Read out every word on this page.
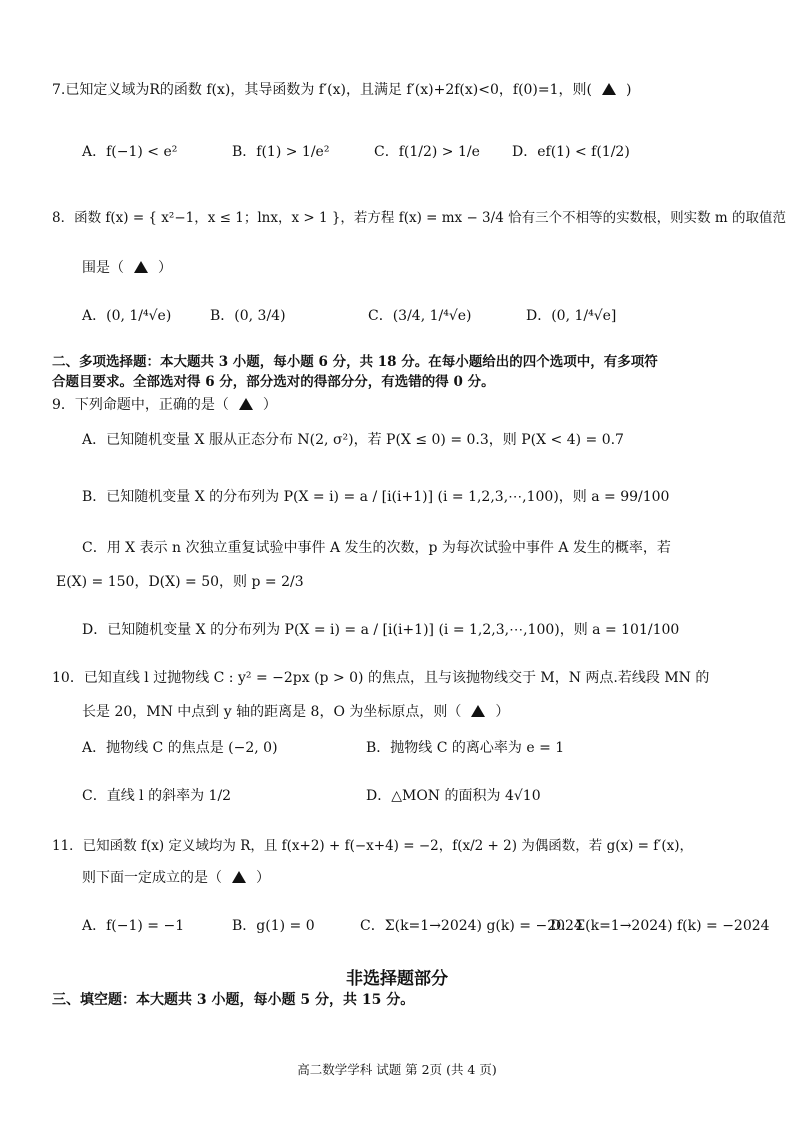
7.已知定义域为R的函数 f(x)，其导函数为 f′(x)，且满足 f′(x)+2f(x)<0，f(0)=1，则( )
A．f(−1) < e²	B．f(1) > 1/e²	C．f(1/2) > 1/e D．ef(1) < f(1/2)
8．函数 f(x) = { x²−1，x ≤ 1；lnx，x > 1 }，若方程 f(x) = mx − 3/4 恰有三个不相等的实数根，则实数 m 的取值范
围是（ ）
A．(0, 1/⁴√e)	B．(0, 3/4)	C．(3/4, 1/⁴√e)	D．(0, 1/⁴√e]
二、多项选择题：本大题共 3 小题，每小题 6 分，共 18 分。在每小题给出的四个选项中，有多项符
合题目要求。全部选对得 6 分，部分选对的得部分分，有选错的得 0 分。
9．下列命题中，正确的是（ ）
A．已知随机变量 X 服从正态分布 N(2, σ²)，若 P(X ≤ 0) = 0.3，则 P(X < 4) = 0.7
B．已知随机变量 X 的分布列为 P(X = i) = a / [i(i+1)] (i = 1,2,3,⋯,100)，则 a = 99/100
C．用 X 表示 n 次独立重复试验中事件 A 发生的次数，p 为每次试验中事件 A 发生的概率，若
E(X) = 150，D(X) = 50，则 p = 2/3
D．已知随机变量 X 的分布列为 P(X = i) = a / [i(i+1)] (i = 1,2,3,⋯,100)，则 a = 101/100
10．已知直线 l 过抛物线 C : y² = −2px (p > 0) 的焦点，且与该抛物线交于 M，N 两点.若线段 MN 的
长是 20，MN 中点到 y 轴的距离是 8，O 为坐标原点，则（ ）
A．抛物线 C 的焦点是 (−2, 0)	B．抛物线 C 的离心率为 e = 1
C．直线 l 的斜率为 1/2	D．△MON 的面积为 4√10
11．已知函数 f(x) 定义域均为 R，且 f(x+2) + f(−x+4) = −2，f(x/2 + 2) 为偶函数，若 g(x) = f′(x)，
则下面一定成立的是（ ）
A．f(−1) = −1	B．g(1) = 0	C．Σ(k=1→2024) g(k) = −2024
D．Σ(k=1→2024) f(k) = −2024
非选择题部分
三、填空题：本大题共 3 小题，每小题 5 分，共 15 分。
高二数学学科 试题 第 2页 (共 4 页)
